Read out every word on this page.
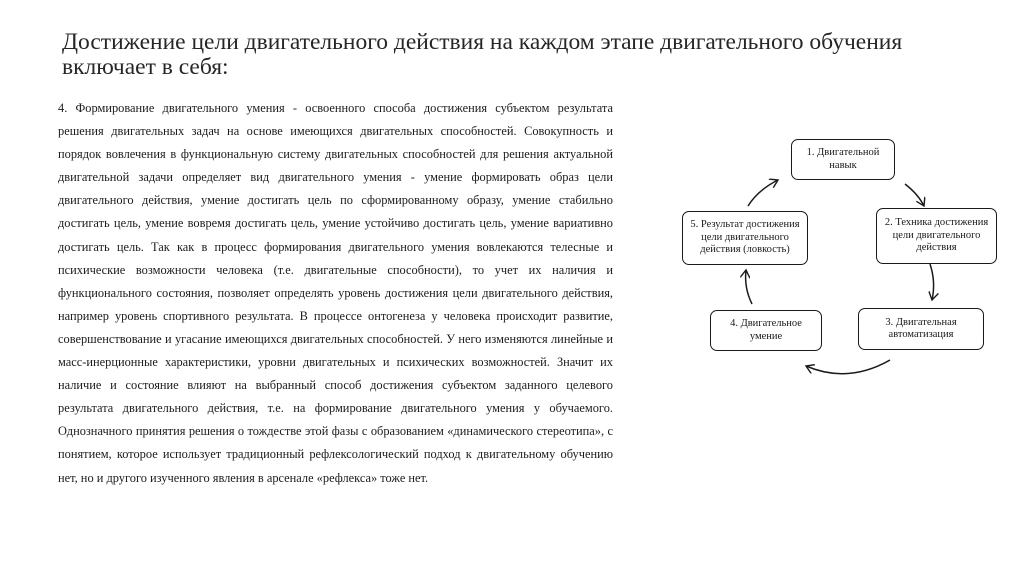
Достижение цели двигательного действия на каждом этапе двигательного обучения включает в себя:

4. Формирование двигательного умения - освоенного способа достижения субъектом результата решения двигательных задач на основе имеющихся двигательных способностей. Совокупность и порядок вовлечения в функциональную систему двигательных способностей для решения актуальной двигательной задачи определяет вид двигательного умения - умение формировать образ цели двигательного действия, умение достигать цель по сформированному образу, умение стабильно достигать цель, умение вовремя достигать цель, умение устойчиво достигать цель, умение вариативно достигать цель. Так как в процесс формирования двигательного умения вовлекаются телесные и психические возможности человека (т.е. двигательные способности), то учет их наличия и функционального состояния, позволяет определять уровень достижения цели двигательного действия, например уровень спортивного результата. В процессе онтогенеза у человека происходит развитие, совершенствование и угасание имеющихся двигательных способностей. У него изменяются линейные и масс-инерционные характеристики, уровни двигательных и психических возможностей. Значит их наличие и состояние влияют на выбранный способ достижения субъектом заданного целевого результата двигательного действия, т.е. на формирование двигательного умения у обучаемого. Однозначного принятия решения о тождестве этой фазы с образованием «динамического стереотипа», с понятием, которое использует традиционный рефлексологический подход к двигательному обучению нет, но и другого изученного явления в арсенале «рефлекса» тоже нет.

1. Двигательной навык
2. Техника достижения цели двигательного действия
3. Двигательная автоматизация
4. Двигательное умение
5. Результат достижения цели двигательного действия (ловкость)
